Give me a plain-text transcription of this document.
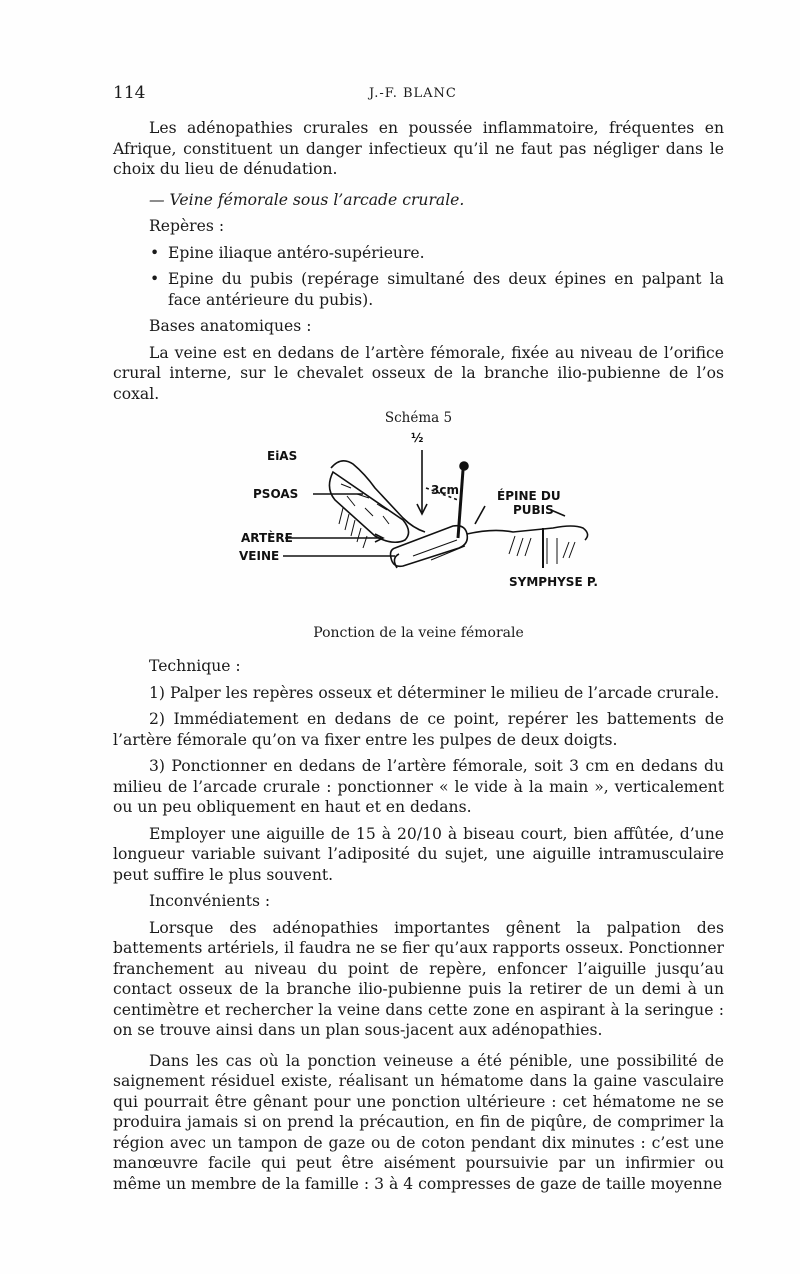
114	J.-F. BLANC

Les adénopathies crurales en poussée inflammatoire, fréquentes en Afrique, constituent un danger infectieux qu’il ne faut pas négliger dans le choix du lieu de dénudation.

— Veine fémorale sous l’arcade crurale.

Repères :

• Epine iliaque antéro-supérieure.

• Epine du pubis (repérage simultané des deux épines en palpant la face antérieure du pubis).

Bases anatomiques :

La veine est en dedans de l’artère fémorale, fixée au niveau de l’orifice crural interne, sur le chevalet osseux de la branche ilio-pubienne de l’os coxal.

Schéma 5
EiAS
½
PSOAS	3cm	ÉPINE DU
PUBIS
ARTÈRE
VEINE
SYMPHYSE P.
Ponction de la veine fémorale

Technique :

1) Palper les repères osseux et déterminer le milieu de l’arcade crurale.

2) Immédiatement en dedans de ce point, repérer les battements de l’artère fémorale qu’on va fixer entre les pulpes de deux doigts.

3) Ponctionner en dedans de l’artère fémorale, soit 3 cm en dedans du milieu de l’arcade crurale : ponctionner « le vide à la main », verticalement ou un peu obliquement en haut et en dedans.

Employer une aiguille de 15 à 20/10 à biseau court, bien affûtée, d’une longueur variable suivant l’adiposité du sujet, une aiguille intramusculaire peut suffire le plus souvent.

Inconvénients :

Lorsque des adénopathies importantes gênent la palpation des battements artériels, il faudra ne se fier qu’aux rapports osseux. Ponctionner franchement au niveau du point de repère, enfoncer l’aiguille jusqu’au contact osseux de la branche ilio-pubienne puis la retirer de un demi à un centimètre et rechercher la veine dans cette zone en aspirant à la seringue : on se trouve ainsi dans un plan sous-jacent aux adénopathies.

Dans les cas où la ponction veineuse a été pénible, une possibilité de saignement résiduel existe, réalisant un hématome dans la gaine vasculaire qui pourrait être gênant pour une ponction ultérieure : cet hématome ne se produira jamais si on prend la précaution, en fin de piqûre, de comprimer la région avec un tampon de gaze ou de coton pendant dix minutes : c’est une manœuvre facile qui peut être aisément poursuivie par un infirmier ou même un membre de la famille : 3 à 4 compresses de gaze de taille moyenne
